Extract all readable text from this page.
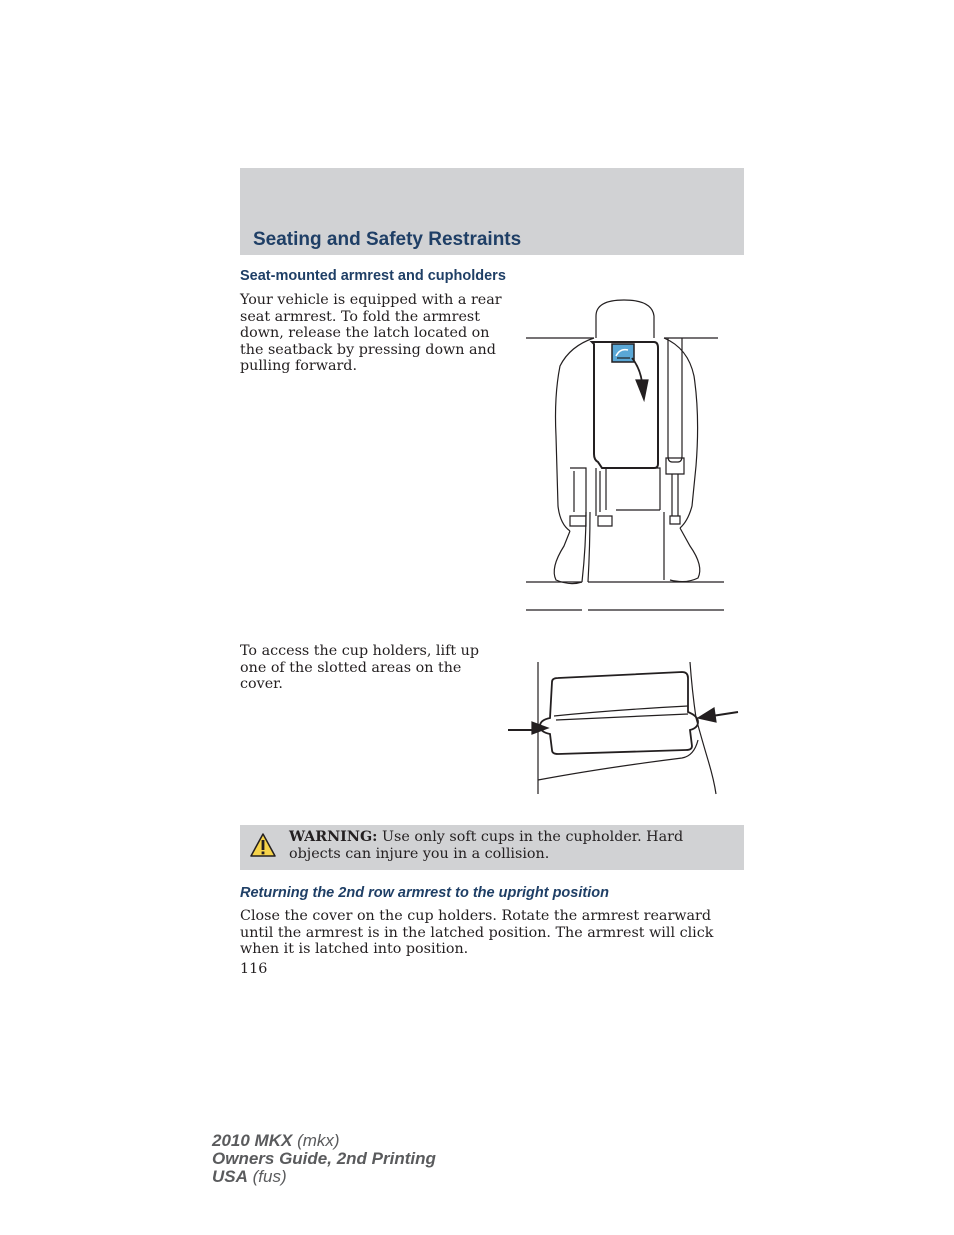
Seating and Safety Restraints
Seat-mounted armrest and cupholders

Your vehicle is equipped with a rear seat armrest. To fold the armrest down, release the latch located on the seatback by pressing down and pulling forward.

To access the cup holders, lift up one of the slotted areas on the cover.

WARNING: Use only soft cups in the cupholder. Hard objects can injure you in a collision.

Returning the 2nd row armrest to the upright position

Close the cover on the cup holders. Rotate the armrest rearward until the armrest is in the latched position. The armrest will click when it is latched into position.

116

2010 MKX (mkx)
Owners Guide, 2nd Printing
USA (fus)
